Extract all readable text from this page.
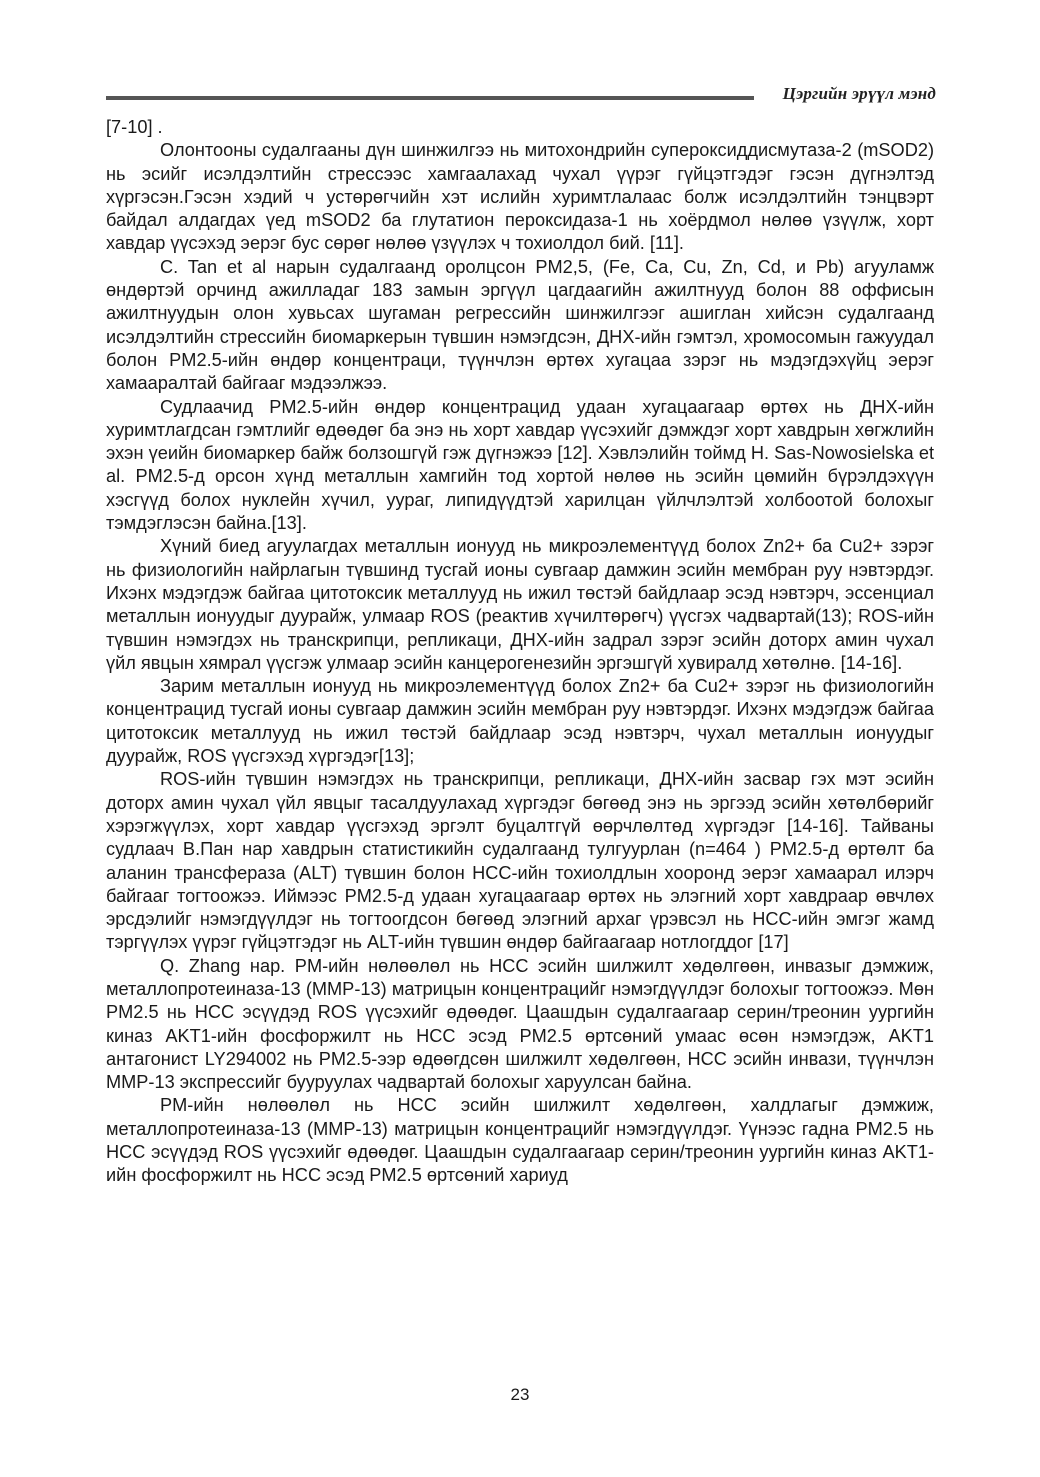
Цэргийн эрүүл мэнд

[7-10] .

Олонтооны судалгааны дүн шинжилгээ нь митохондрийн супероксиддисмутаза-2 (mSOD2) нь эсийг исэлдэлтийн стрессээс хамгаалахад чухал үүрэг гүйцэтгэдэг гэсэн дүгнэлтэд хүргэсэн.Гэсэн хэдий ч устөрөгчийн хэт ислийн хуримтлалаас болж исэлдэлтийн тэнцвэрт байдал алдагдах үед mSOD2 ба глутатион пероксидаза-1 нь хоёрдмол нөлөө үзүүлж, хорт хавдар үүсэхэд эерэг бус сөрөг нөлөө үзүүлэх ч тохиолдол бий. [11].

C. Tan et al нарын судалгаанд оролцсон PM2,5, (Fe, Ca, Cu, Zn, Cd, и Pb) агууламж өндөртэй орчинд ажилладаг 183 замын эргүүл цагдаагийн ажилтнууд болон 88 оффисын ажилтнуудын олон хувьсах шугаман регрессийн шинжилгээг ашиглан хийсэн судалгаанд исэлдэлтийн стрессийн биомаркерын түвшин нэмэгдсэн, ДНХ-ийн гэмтэл, хромосомын гажуудал болон PM2.5-ийн өндөр концентраци, түүнчлэн өртөх хугацаа зэрэг нь мэдэгдэхүйц эерэг хамааралтай байгааг мэдээлжээ.

Судлаачид PM2.5-ийн өндөр концентрацид удаан хугацаагаар өртөх нь ДНХ-ийн хуримтлагдсан гэмтлийг өдөөдөг ба энэ нь хорт хавдар үүсэхийг дэмждэг хорт хавдрын хөгжлийн эхэн үеийн биомаркер байж болзошгүй гэж дүгнэжээ [12]. Хэвлэлийн тоймд H. Sas-Nowosielska et al. PM2.5-д орсон хүнд металлын хамгийн тод хортой нөлөө нь эсийн цөмийн бүрэлдэхүүн хэсгүүд болох нуклейн хүчил, уураг, липидүүдтэй харилцан үйлчлэлтэй холбоотой болохыг тэмдэглэсэн байна.[13].

Хүний биед агуулагдах металлын ионууд нь микроэлементүүд болох Zn2+ ба Cu2+ зэрэг нь физиологийн найрлагын түвшинд тусгай ионы сувгаар дамжин эсийн мембран руу нэвтэрдэг. Ихэнх мэдэгдэж байгаа цитотоксик металлууд нь ижил төстэй байдлаар эсэд нэвтэрч, эссенциал металлын ионуудыг дуурайж, улмаар ROS (реактив хүчилтөрөгч) үүсгэх чадвартай(13); ROS-ийн түвшин нэмэгдэх нь транскрипци, репликаци, ДНХ-ийн задрал зэрэг эсийн доторх амин чухал үйл явцын хямрал үүсгэж улмаар эсийн канцерогенезийн эргэшгүй хувиралд хөтөлнө. [14-16].

Зарим металлын ионууд нь микроэлементүүд болох Zn2+ ба Cu2+ зэрэг нь физиологийн концентрацид тусгай ионы сувгаар дамжин эсийн мембран руу нэвтэрдэг. Ихэнх мэдэгдэж байгаа цитотоксик металлууд нь ижил төстэй байдлаар эсэд нэвтэрч, чухал металлын ионуудыг дуурайж, ROS үүсгэхэд хүргэдэг[13];

ROS-ийн түвшин нэмэгдэх нь транскрипци, репликаци, ДНХ-ийн засвар гэх мэт эсийн доторх амин чухал үйл явцыг тасалдуулахад хүргэдэг бөгөөд энэ нь эргээд эсийн хөтөлбөрийг хэрэгжүүлэх, хорт хавдар үүсгэхэд эргэлт буцалтгүй өөрчлөлтөд хүргэдэг [14-16]. Тайваны судлаач B.Пан нар хавдрын статистикийн судалгаанд тулгуурлан (n=464 ) PM2.5-д өртөлт ба аланин трансфераза (ALT) түвшин болон HCC-ийн тохиолдлын хооронд эерэг хамаарал илэрч байгааг тогтоожээ. Иймээс PM2.5-д удаан хугацаагаар өртөх нь элэгний хорт хавдраар өвчлөх эрсдэлийг нэмэгдүүлдэг нь тогтоогдсон бөгөөд элэгний архаг үрэвсэл нь HCC-ийн эмгэг жамд тэргүүлэх үүрэг гүйцэтгэдэг нь ALT-ийн түвшин өндөр байгаагаар нотлогддог [17]

Q. Zhang нар. PM-ийн нөлөөлөл нь HCC эсийн шилжилт хөдөлгөөн, инвазыг дэмжиж, металлопротеиназа-13 (MMP-13) матрицын концентрацийг нэмэгдүүлдэг болохыг тогтоожээ. Мөн PM2.5 нь HCC эсүүдэд ROS үүсэхийг өдөөдөг. Цаашдын судалгаагаар серин/треонин уургийн киназ AKT1-ийн фосфоржилт нь HCC эсэд PM2.5 өртсөний умаас өсөн нэмэгдэж, AKT1 антагонист LY294002 нь PM2.5-ээр өдөөгдсөн шилжилт хөдөлгөөн, HCC эсийн инвази, түүнчлэн MMP-13 экспрессийг бууруулах чадвартай болохыг харуулсан байна.

PM-ийн нөлөөлөл нь HCC эсийн шилжилт хөдөлгөөн, халдлагыг дэмжиж, металлопротеиназа-13 (MMP-13) матрицын концентрацийг нэмэгдүүлдэг. Үүнээс гадна PM2.5 нь HCC эсүүдэд ROS үүсэхийг өдөөдөг. Цаашдын судалгаагаар серин/треонин уургийн киназ AKT1-ийн фосфоржилт нь HCC эсэд PM2.5 өртсөний хариуд

23
